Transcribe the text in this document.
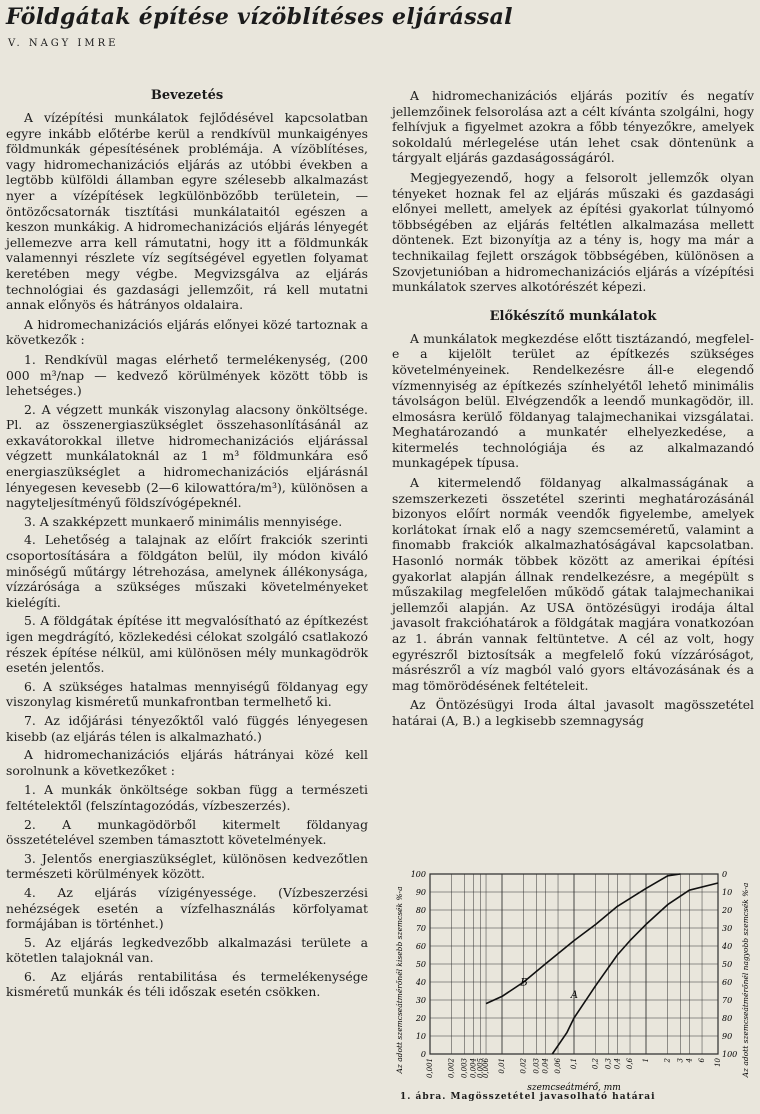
Földgátak építése vízöblítéses eljárással
V. NAGY IMRE
Bevezetés

A vízépítési munkálatok fejlődésével kapcsolatban egyre inkább előtérbe kerül a rendkívül munkaigényes földmunkák gépesítésének problémája. A vízöblítéses, vagy hidromechanizációs eljárás az utóbbi években a legtöbb külföldi államban egyre szélesebb alkalmazást nyer a vízépítések legkülönbözőbb területein, — öntözőcsatornák tisztítási munkálataitól egészen a keszon munkákig. A hidromechanizációs eljárás lényegét jellemezve arra kell rámutatni, hogy itt a földmunkák valamennyi részlete víz segítségével egyetlen folyamat keretében megy végbe. Megvizsgálva az eljárás technológiai és gazdasági jellemzőit, rá kell mutatni annak előnyös és hátrányos oldalaira.

A hidromechanizációs eljárás előnyei közé tartoznak a következők :

1. Rendkívül magas elérhető termelékenység, (200 000 m³/nap — kedvező körülmények között több is lehetséges.)
2. A végzett munkák viszonylag alacsony önköltsége. Pl. az összenergiaszükséglet összehasonlításánál az exkavátorokkal illetve hidromechanizációs eljárással végzett munkálatoknál az 1 m³ földmunkára eső energiaszükséglet a hidromechanizációs eljárásnál lényegesen kevesebb (2—6 kilowattóra/m³), különösen a nagyteljesítményű földszívógépeknél.
3. A szakképzett munkaerő minimális mennyisége.
4. Lehetőség a talajnak az előírt frakciók szerinti csoportosítására a földgáton belül, ily módon kiváló minőségű műtárgy létrehozása, amelynek állékonysága, vízzárósága a szükséges műszaki követelményeket kielégíti.
5. A földgátak építése itt megvalósítható az építkezést igen megdrágító, közlekedési célokat szolgáló csatlakozó részek építése nélkül, ami különösen mély munkagödrök esetén jelentős.
6. A szükséges hatalmas mennyiségű földanyag egy viszonylag kisméretű munkafrontban termelhető ki.
7. Az időjárási tényezőktől való függés lényegesen kisebb (az eljárás télen is alkalmazható.)

A hidromechanizációs eljárás hátrányai közé kell sorolnunk a következőket :

1. A munkák önköltsége sokban függ a természeti feltételektől (felszíntagozódás, vízbeszerzés).
2. A munkagödörből kitermelt földanyag összetételével szemben támasztott követelmények.
3. Jelentős energiaszükséglet, különösen kedvezőtlen természeti körülmények között.
4. Az eljárás vízigényessége. (Vízbeszerzési nehézségek esetén a vízfelhasználás körfolyamat formájában is történhet.)
5. Az eljárás legkedvezőbb alkalmazási területe a kötetlen talajoknál van.
6. Az eljárás rentabilitása és termelékenysége kisméretű munkák és téli időszak esetén csökken.

A hidromechanizációs eljárás pozitív és negatív jellemzőinek felsorolása azt a célt kívánta szolgálni, hogy felhívjuk a figyelmet azokra a főbb tényezőkre, amelyek sokoldalú mérlegelése után lehet csak döntenünk a tárgyalt eljárás gazdaságosságáról.

Megjegyezendő, hogy a felsorolt jellemzők olyan tényeket hoznak fel az eljárás műszaki és gazdasági előnyei mellett, amelyek az építési gyakorlat túlnyomó többségében az eljárás feltétlen alkalmazása mellett döntenek. Ezt bizonyítja az a tény is, hogy ma már a technikailag fejlett országok többségében, különösen a Szovjetunióban a hidromechanizációs eljárás a vízépítési munkálatok szerves alkotórészét képezi.

Előkészítő munkálatok

A munkálatok megkezdése előtt tisztázandó, megfelel-e a kijelölt terület az építkezés szükséges követelményeinek. Rendelkezésre áll-e elegendő vízmennyiség az építkezés színhelyétől lehető minimális távolságon belül. Elvégzendők a leendő munkagödör, ill. elmosásra kerülő földanyag talajmechanikai vizsgálatai. Meghatározandó a munkatér elhelyezkedése, a kitermelés technológiája és az alkalmazandó munkagépek típusa.

A kitermelendő földanyag alkalmasságának a szemszerkezeti összetétel szerinti meghatározásánál bizonyos előírt normák veendők figyelembe, amelyek korlátokat írnak elő a nagy szemcseméretű, valamint a finomabb frakciók alkalmazhatóságával kapcsolatban. Hasonló normák többek között az amerikai építési gyakorlat alapján állnak rendelkezésre, a megépült s műszakilag megfelelően működő gátak talajmechanikai jellemzői alapján. Az USA öntözésügyi irodája által javasolt frakcióhatárok a földgátak magjára vonatkozóan az 1. ábrán vannak feltüntetve. A cél az volt, hogy egyrészről biztosítsák a megfelelő fokú vízzáróságot, másrészről a víz magból való gyors eltávozásának és a mag tömörödésének feltételeit.

Az Öntözésügyi Iroda által javasolt magösszetétel határai (A, B.) a legkisebb szemnagyság

0	100
10	90
20	80
30	70
40	60
50	50
60	40
70	30
80	20
90	10
100	0
0,001 0,002 0,003 0,004
0,005
0,006 0,01 0,02 0,03 0,04 0,06 0,1 0,2 0,3 0,4 0,6 1 2 3 4 6 10
szemcseátmérő, mm
Az adott szemcseátmérőnél kisebb szemcsék %-a	Az adott szemcseátmérőnél nagyobb szemcsék %-a
B
A
1. ábra. Magösszetétel javasolható határai
